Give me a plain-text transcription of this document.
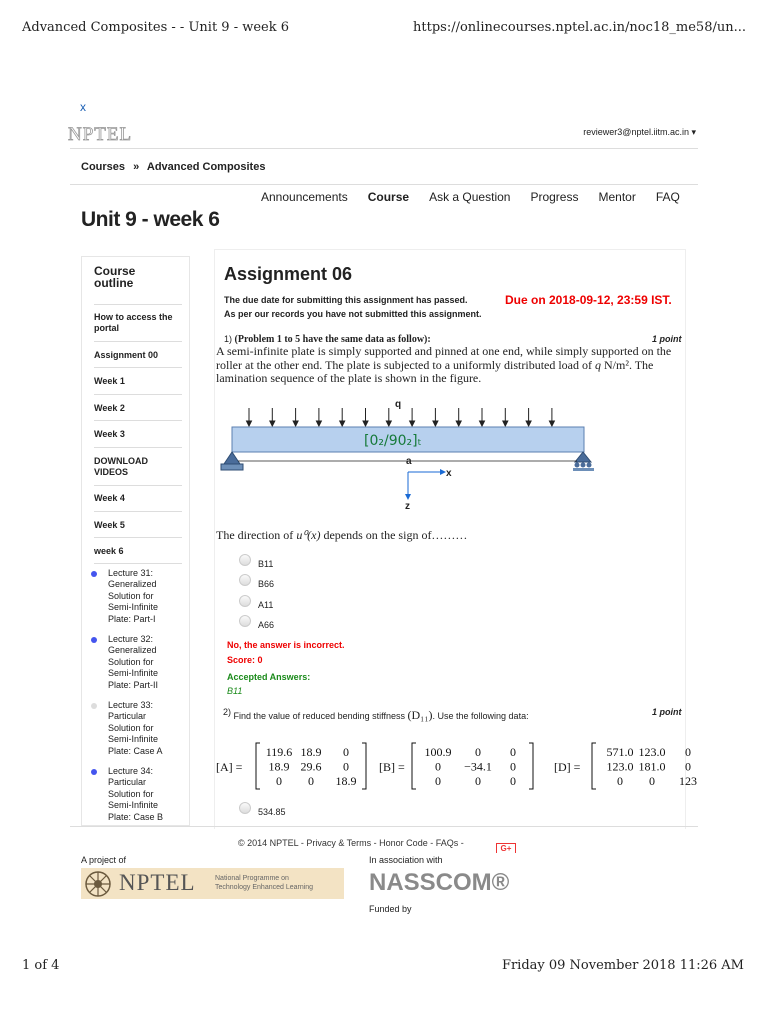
Advanced Composites - - Unit 9 - week 6	https://onlinecourses.nptel.ac.in/noc18_me58/un...
x
NPTEL	reviewer3@nptel.iitm.ac.in ▾
Courses » Advanced Composites
Announcements Course Ask a Question Progress Mentor FAQ
Unit 9 - week 6
Course outline
How to access the portal
Assignment 00
Week 1
Week 2
Week 3
DOWNLOAD VIDEOS
Week 4
Week 5
week 6
Lecture 31: Generalized Solution for Semi-Infinite Plate: Part-I
Lecture 32: Generalized Solution for Semi-Infinite Plate: Part-II
Lecture 33: Particular Solution for Semi-Infinite Plate: Case A
Lecture 34: Particular Solution for Semi-Infinite Plate: Case B
Assignment 06
The due date for submitting this assignment has passed.	Due on 2018-09-12, 23:59 IST.
As per our records you have not submitted this assignment.
1) (Problem 1 to 5 have the same data as follow):	1 point
A semi-infinite plate is simply supported and pinned at one end, while simply supported on the roller at the other end. The plate is subjected to a uniformly distributed load of q N/m². The lamination sequence of the plate is shown in the figure.
q
[0₂/90₂]ₜ
a
x
z
The direction of u⁰(x) depends on the sign of………
B11
B66
A11
A66
No, the answer is incorrect.
Score: 0
Accepted Answers:
B11
2) Find the value of reduced bending stiffness (D₁₁). Use the following data:	1 point
[A] =
119.6 18.9 0
18.9 29.6 0
0 0 18.9
[B] =
100.9 0 0
0 −34.1 0
0	0 0
[D] =
571.0 123.0 0
123.0 181.0 0
0 0 123
534.85
© 2014 NPTEL - Privacy & Terms - Honor Code - FAQs -
G+
A project of	In association with
NPTEL	National Programme on
Technology Enhanced Learning NASSCOM®
Funded by
1 of 4	Friday 09 November 2018 11:26 AM
